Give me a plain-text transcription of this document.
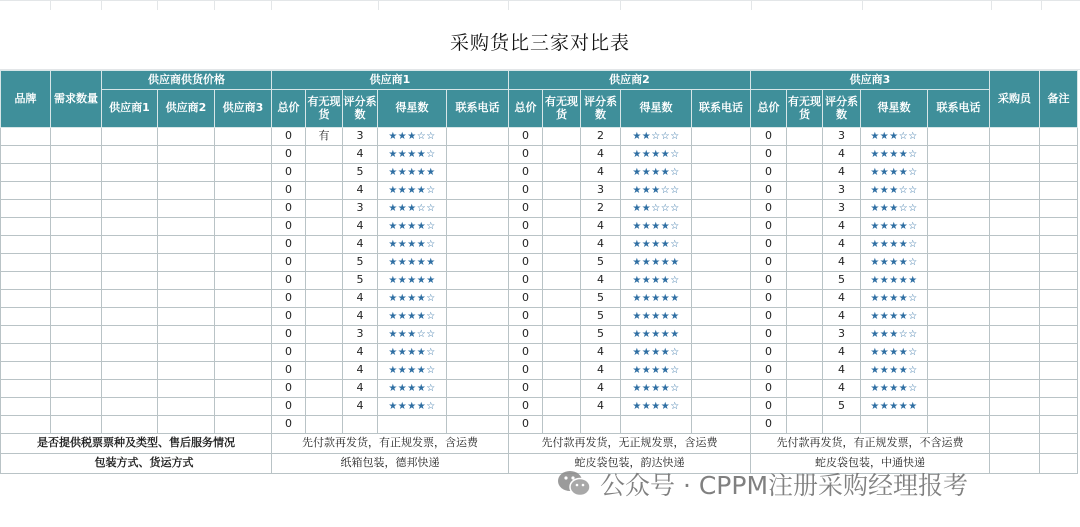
采购货比三家对比表
品牌	需求数量	供应商供货价格			供应商1					供应商2					供应商3					采购员	备注
		供应商1	供应商2	供应商3	总价	有无现货	评分系数	得星数	联系电话	总价	有无现货	评分系数	得星数	联系电话	总价	有无现货	评分系数	得星数	联系电话		
					0	有	3	★★★☆☆		0		2	★★☆☆☆		0		3	★★★☆☆			
					0		4	★★★★☆		0		4	★★★★☆		0		4	★★★★☆			
					0		5	★★★★★		0		4	★★★★☆		0		4	★★★★☆			
					0		4	★★★★☆		0		3	★★★☆☆		0		3	★★★☆☆			
					0		3	★★★☆☆		0		2	★★☆☆☆		0		3	★★★☆☆			
					0		4	★★★★☆		0		4	★★★★☆		0		4	★★★★☆			
					0		4	★★★★☆		0		4	★★★★☆		0		4	★★★★☆			
					0		5	★★★★★		0		5	★★★★★		0		4	★★★★☆			
					0		5	★★★★★		0		4	★★★★☆		0		5	★★★★★			
					0		4	★★★★☆		0		5	★★★★★		0		4	★★★★☆			
					0		4	★★★★☆		0		5	★★★★★		0		4	★★★★☆			
					0		3	★★★☆☆		0		5	★★★★★		0		3	★★★☆☆			
					0		4	★★★★☆		0		4	★★★★☆		0		4	★★★★☆			
					0		4	★★★★☆		0		4	★★★★☆		0		4	★★★★☆			
					0		4	★★★★☆		0		4	★★★★☆		0		4	★★★★☆			
					0		4	★★★★☆		0		4	★★★★☆		0		5	★★★★★			
					0					0					0						
是否提供税票票种及类型、售后服务情况					先付款再发货，有正规发票，含运费					先付款再发货，无正规发票，含运费					先付款再发货，有正规发票，不含运费						
包装方式、货运方式					纸箱包装，德邦快递					蛇皮袋包装，韵达快递					蛇皮袋包装，中通快递						
公众号 · CPPM注册采购经理报考
